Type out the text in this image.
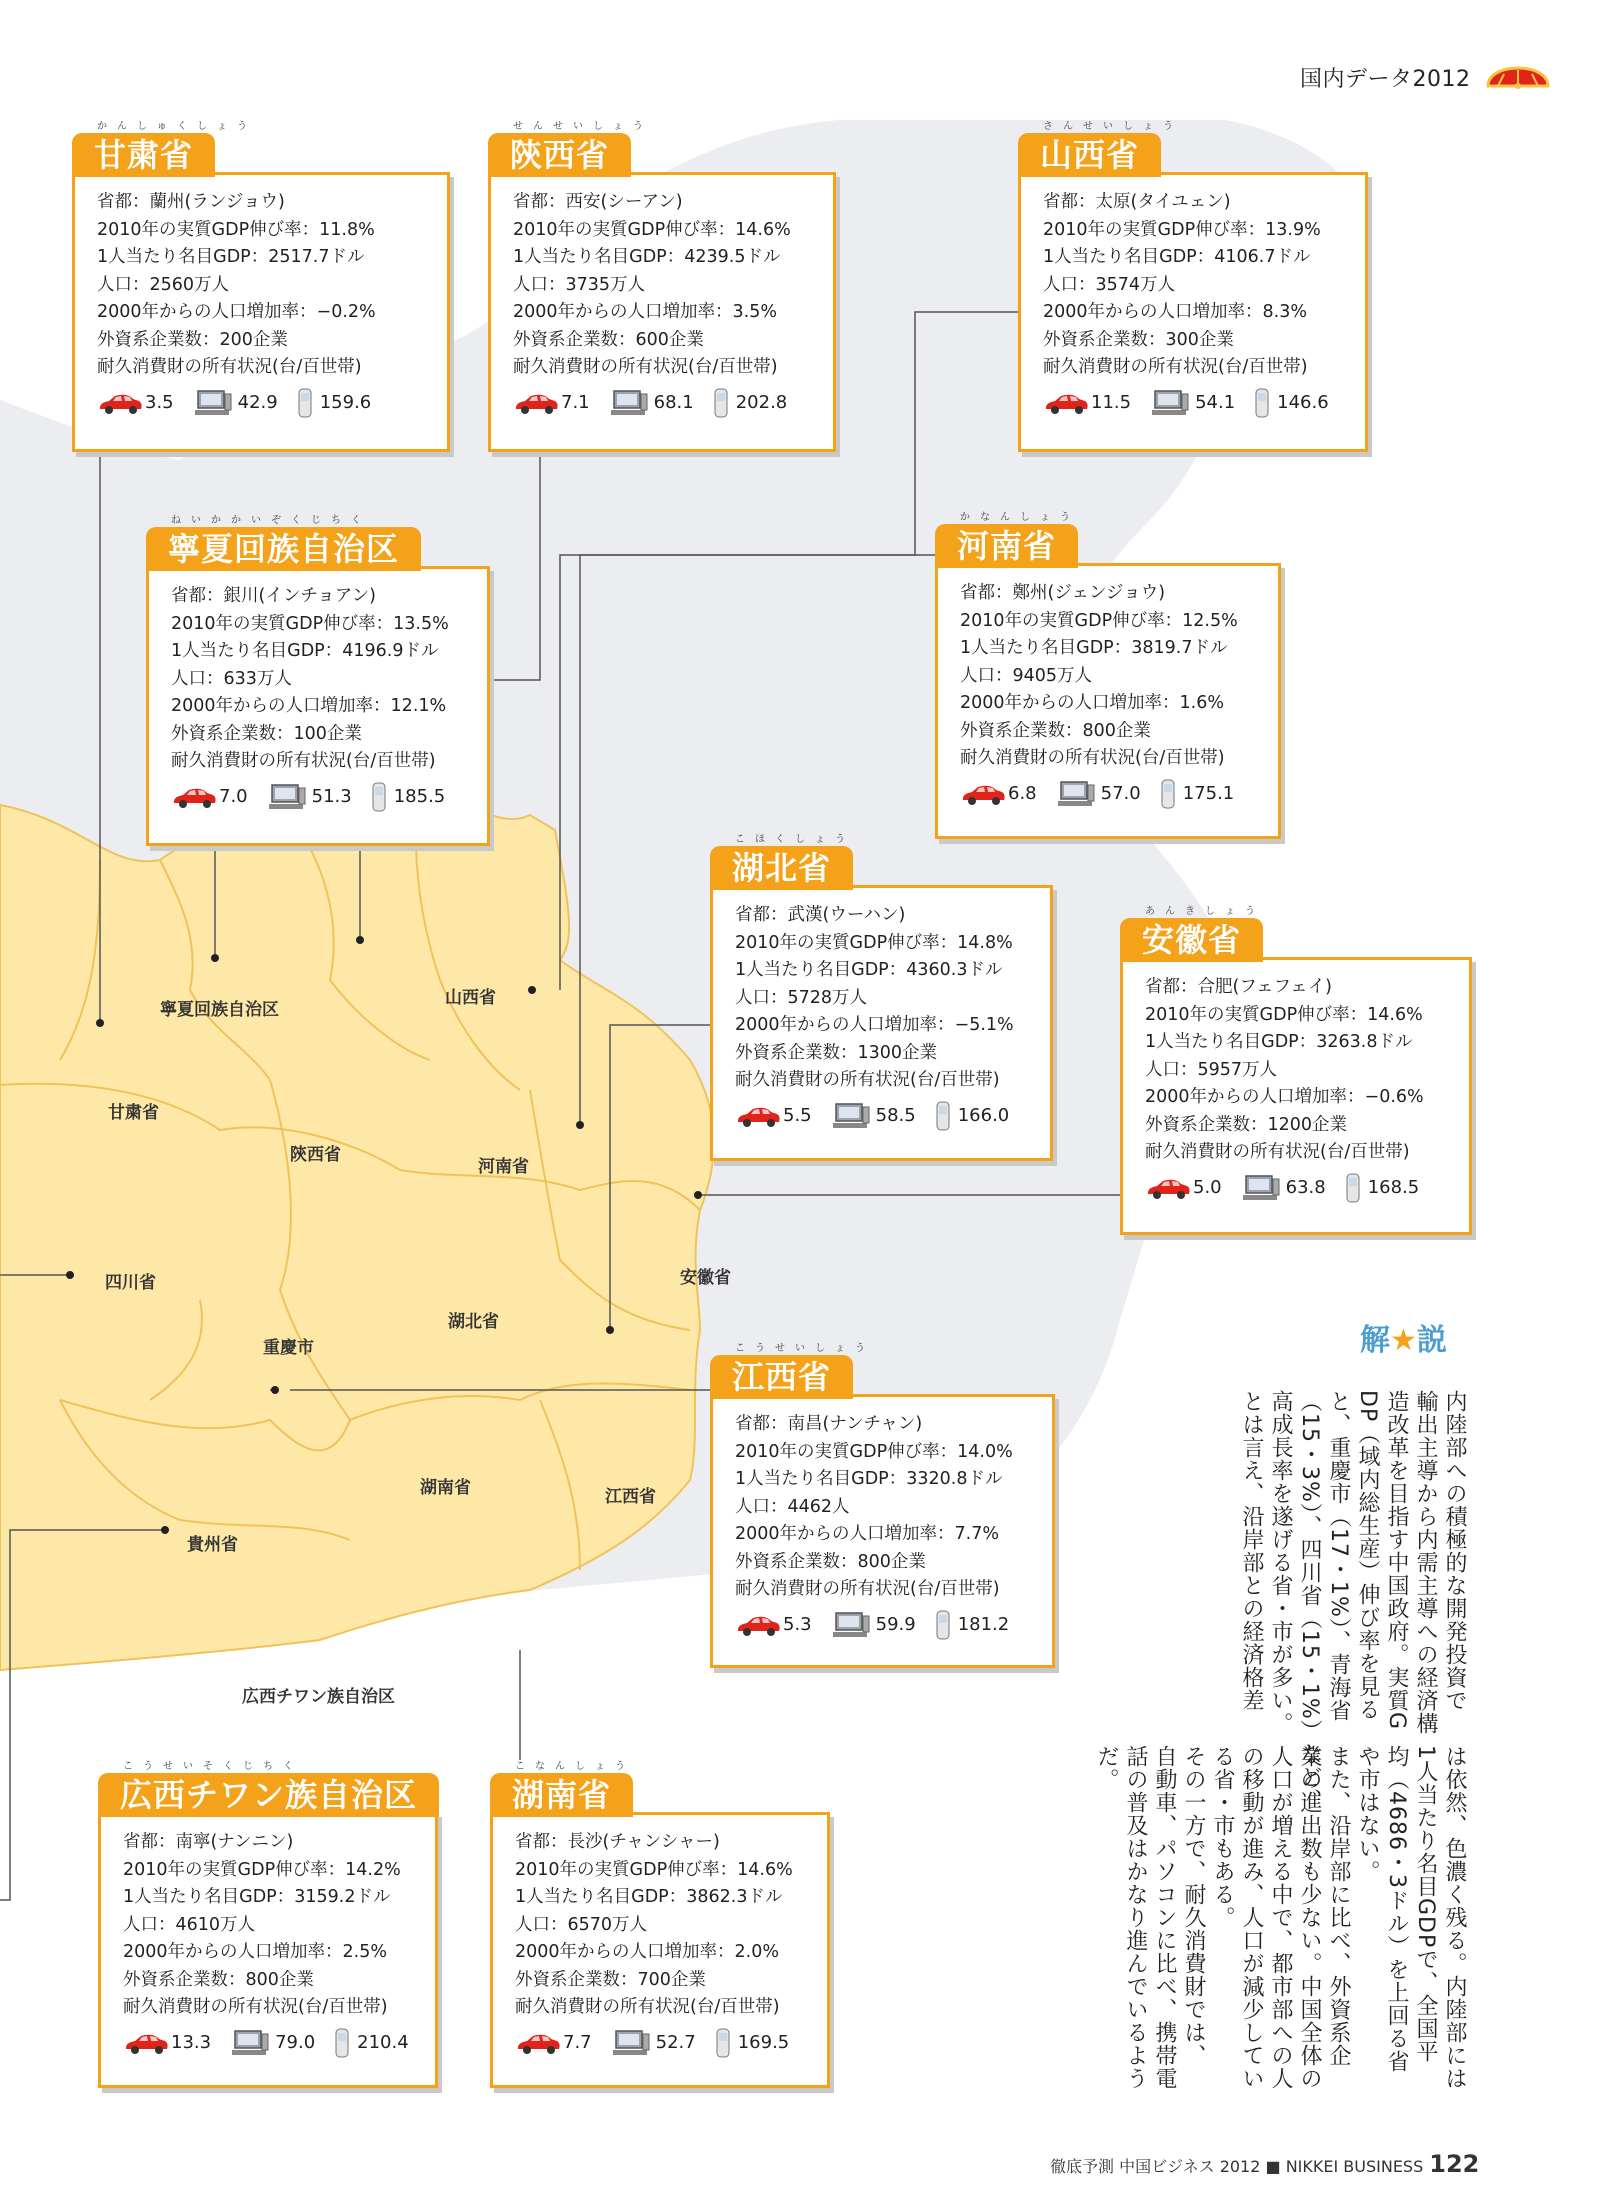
寧夏回族自治区
甘粛省
陝西省
山西省
河南省
安徽省
四川省
湖北省
重慶市
湖南省	江西省
貴州省
広西チワン族自治区
国内データ2012
かんしゅくしょう
甘粛省
省都：蘭州(ランジョウ)
2010年の実質GDP伸び率：11.8%
1人当たり名目GDP：2517.7ドル
人口：2560万人
2000年からの人口増加率：−0.2%
外資系企業数：200企業
耐久消費財の所有状況(台/百世帯)
3.5	42.9 159.6
せんせいしょう
陝西省
省都：西安(シーアン)
2010年の実質GDP伸び率：14.6%
1人当たり名目GDP：4239.5ドル
人口：3735万人
2000年からの人口増加率：3.5%
外資系企業数：600企業
耐久消費財の所有状況(台/百世帯)
7.1	68.1 202.8
さんせいしょう
山西省
省都：太原(タイユェン)
2010年の実質GDP伸び率：13.9%
1人当たり名目GDP：4106.7ドル
人口：3574万人
2000年からの人口増加率：8.3%
外資系企業数：300企業
耐久消費財の所有状況(台/百世帯)
11.5	54.1 146.6
ねいかかいぞくじちく
寧夏回族自治区
省都：銀川(インチョアン)
2010年の実質GDP伸び率：13.5%
1人当たり名目GDP：4196.9ドル
人口：633万人
2000年からの人口増加率：12.1%
外資系企業数：100企業
耐久消費財の所有状況(台/百世帯)
7.0	51.3 185.5
かなんしょう
河南省
省都：鄭州(ジェンジョウ)
2010年の実質GDP伸び率：12.5%
1人当たり名目GDP：3819.7ドル
人口：9405万人
2000年からの人口増加率：1.6%
外資系企業数：800企業
耐久消費財の所有状況(台/百世帯)
6.8	57.0 175.1
こほくしょう
湖北省
省都：武漢(ウーハン)
2010年の実質GDP伸び率：14.8%
1人当たり名目GDP：4360.3ドル
人口：5728万人
2000年からの人口増加率：−5.1%
外資系企業数：1300企業
耐久消費財の所有状況(台/百世帯)
5.5	58.5 166.0
あんきしょう
安徽省
省都：合肥(フェフェイ)
2010年の実質GDP伸び率：14.6%
1人当たり名目GDP：3263.8ドル
人口：5957万人
2000年からの人口増加率：−0.6%
外資系企業数：1200企業
耐久消費財の所有状況(台/百世帯)
5.0	63.8 168.5
こうせいしょう
江西省
省都：南昌(ナンチャン)
2010年の実質GDP伸び率：14.0%
1人当たり名目GDP：3320.8ドル
人口：4462人
2000年からの人口増加率：7.7%
外資系企業数：800企業
耐久消費財の所有状況(台/百世帯)
5.3	59.9 181.2
こうせいそくじちく
広西チワン族自治区
省都：南寧(ナンニン)
2010年の実質GDP伸び率：14.2%
1人当たり名目GDP：3159.2ドル
人口：4610万人
2000年からの人口増加率：2.5%
外資系企業数：800企業
耐久消費財の所有状況(台/百世帯)
13.3	79.0 210.4
こなんしょう
湖南省
省都：長沙(チャンシャー)
2010年の実質GDP伸び率：14.6%
1人当たり名目GDP：3862.3ドル
人口：6570万人
2000年からの人口増加率：2.0%
外資系企業数：700企業
耐久消費財の所有状況(台/百世帯)
7.7	52.7 169.5
解★説
内陸部への積極的な開発投資で
輸出主導から内需主導への経済構
造改革を目指す中国政府。実質G
DP（域内総生産）伸び率を見る
と、重慶市（17・1%）、青海省
（15・3%）、四川省（15・1%）など、
高成長率を遂げる省・市が多い。
とは言え、沿岸部との経済格差
は依然、色濃く残る。内陸部には
1人当たり名目GDPで、全国平
均（4686・3ドル）を上回る省
や市はない。
また、沿岸部に比べ、外資系企
業の進出数も少ない。中国全体の
人口が増える中で、都市部への人
の移動が進み、人口が減少してい
る省・市もある。
その一方で、耐久消費財では、
自動車、パソコンに比べ、携帯電
話の普及はかなり進んでいるよう
だ。
徹底予測 中国ビジネス 2012 ■ NIKKEI BUSINESS 122
